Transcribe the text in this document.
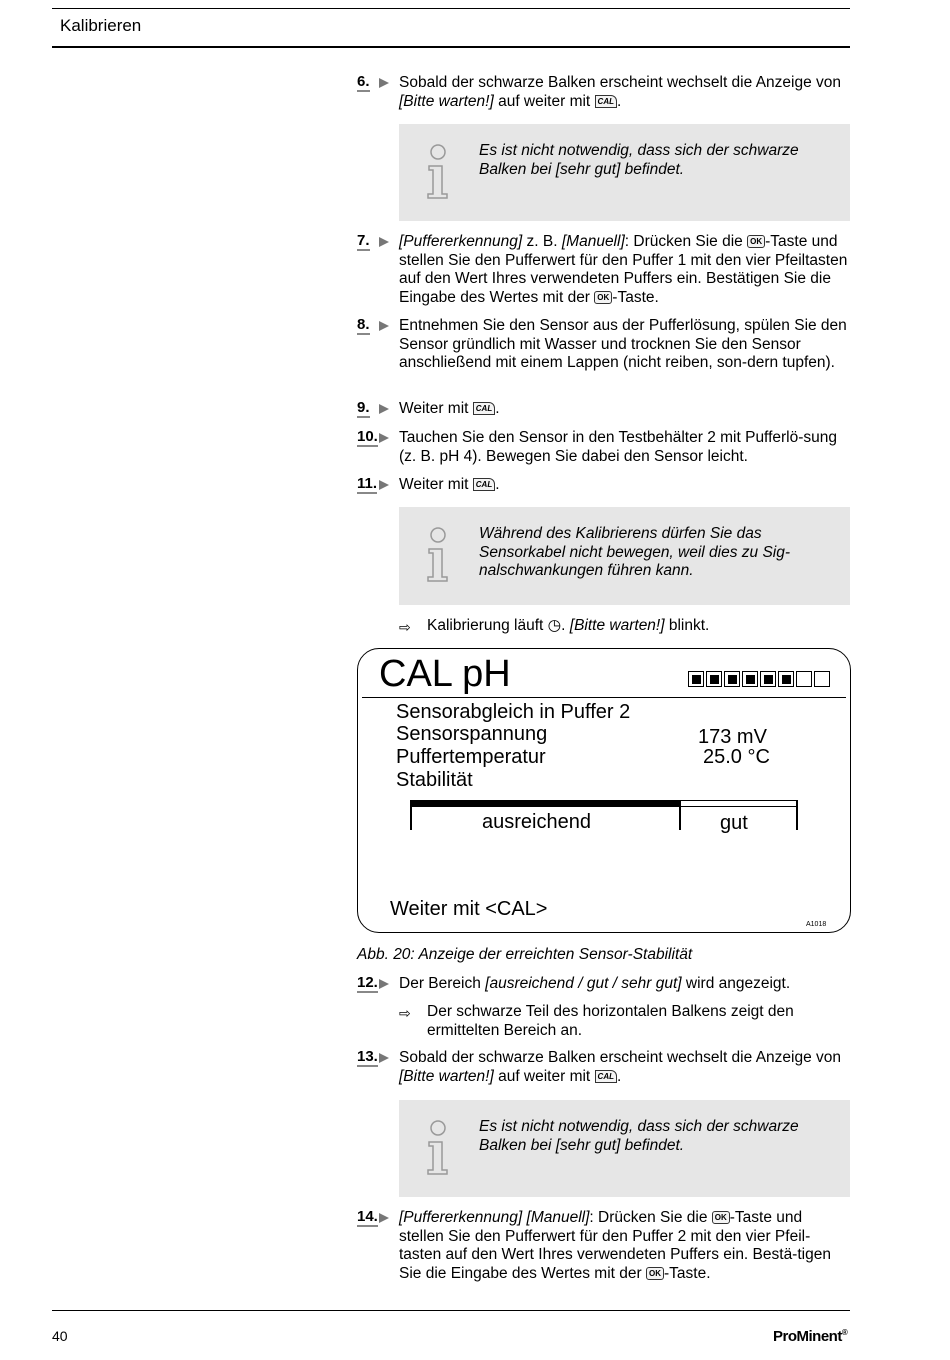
Kalibrieren
6. Sobald der schwarze Balken erscheint wechselt die Anzeige von [Bitte warten!] auf weiter mit CAL .
Es ist nicht notwendig, dass sich der schwarze Balken bei [sehr gut] befindet.
7. [Puffererkennung] z. B. [Manuell]: Drücken Sie die OK -Taste und stellen Sie den Pufferwert für den Puffer 1 mit den vier Pfeiltasten auf den Wert Ihres verwendeten Puffers ein. Bestätigen Sie die Eingabe des Wertes mit der OK -Taste.
8. Entnehmen Sie den Sensor aus der Pufferlösung, spülen Sie den Sensor gründlich mit Wasser und trocknen Sie den Sensor anschließend mit einem Lappen (nicht reiben, son-dern tupfen).
9. Weiter mit CAL .
10. Tauchen Sie den Sensor in den Testbehälter 2 mit Pufferlö-sung (z. B. pH 4). Bewegen Sie dabei den Sensor leicht.
11. Weiter mit CAL .
Während des Kalibrierens dürfen Sie das Sensorkabel nicht bewegen, weil dies zu Sig-nalschwankungen führen kann.
⇨ Kalibrierung läuft ◷. [Bitte warten!] blinkt.
CAL pH
Sensorabgleich in Puffer 2
Sensorspannung	173 mV
Puffertemperatur	25.0 °C
Stabilität
ausreichend	gut
Weiter mit <CAL>
A1018
Abb. 20: Anzeige der erreichten Sensor-Stabilität
12. Der Bereich [ausreichend / gut / sehr gut] wird angezeigt.
⇨ Der schwarze Teil des horizontalen Balkens zeigt den ermittelten Bereich an.
13. Sobald der schwarze Balken erscheint wechselt die Anzeige von [Bitte warten!] auf weiter mit CAL .
Es ist nicht notwendig, dass sich der schwarze Balken bei [sehr gut] befindet.
14. [Puffererkennung] [Manuell]: Drücken Sie die OK -Taste und stellen Sie den Pufferwert für den Puffer 2 mit den vier Pfeil-tasten auf den Wert Ihres verwendeten Puffers ein. Bestä-tigen Sie die Eingabe des Wertes mit der OK -Taste.
40	ProMinent®
